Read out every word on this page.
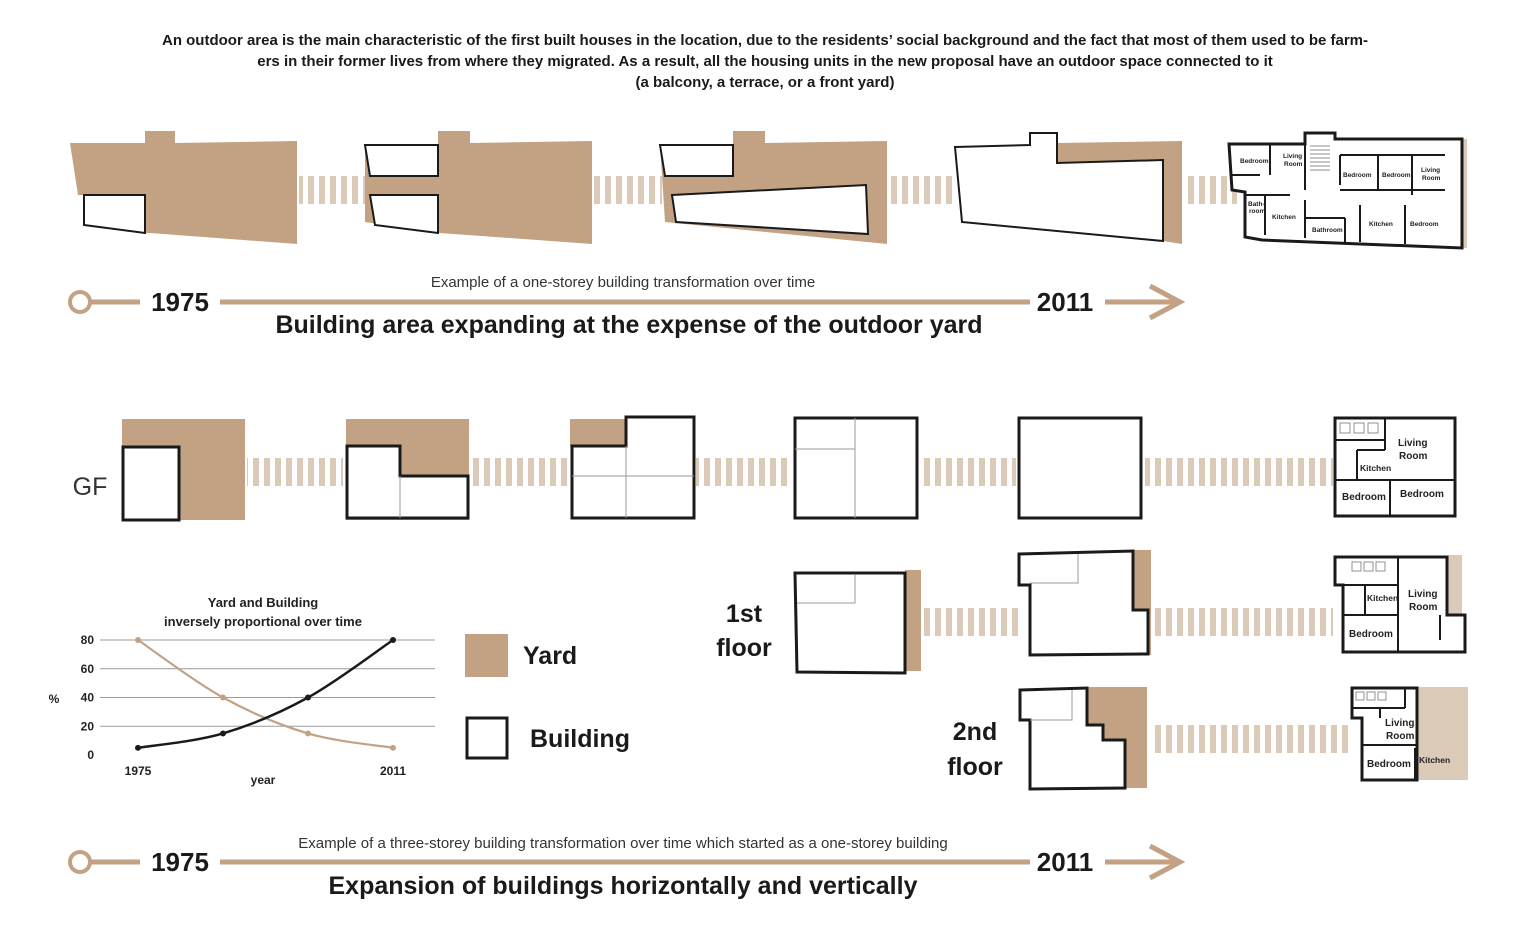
An outdoor area is the main characteristic of the first built houses in the location, due to the residents’ social background and the fact that most of them used to be farm-
ers in their former lives from where they migrated. As a result, all the housing units in the new proposal have an outdoor space connected to it
(a balcony, a terrace, or a front yard)
Bedroom
Living
Room
Bedroom Bedroom
Living
Room
Bath-
room
Kitchen
Bathroom
Kitchen	Bedroom
Example of a one-storey building transformation over time
1975	2011
Building area expanding at the expense of the outdoor yard
GF
Living
Room
Kitchen
Bedroom Bedroom
1st
floor
Living
Room
Kitchen
Bedroom
2nd
floor
Living
Room
Bedroom Kitchen
Yard and Building
inversely proportional over time
%
year
0
20
40
60
80
1975	2011
Yard
Building
Example of a three-storey building transformation over time which started as a one-storey building
1975	2011
Expansion of buildings horizontally and vertically
